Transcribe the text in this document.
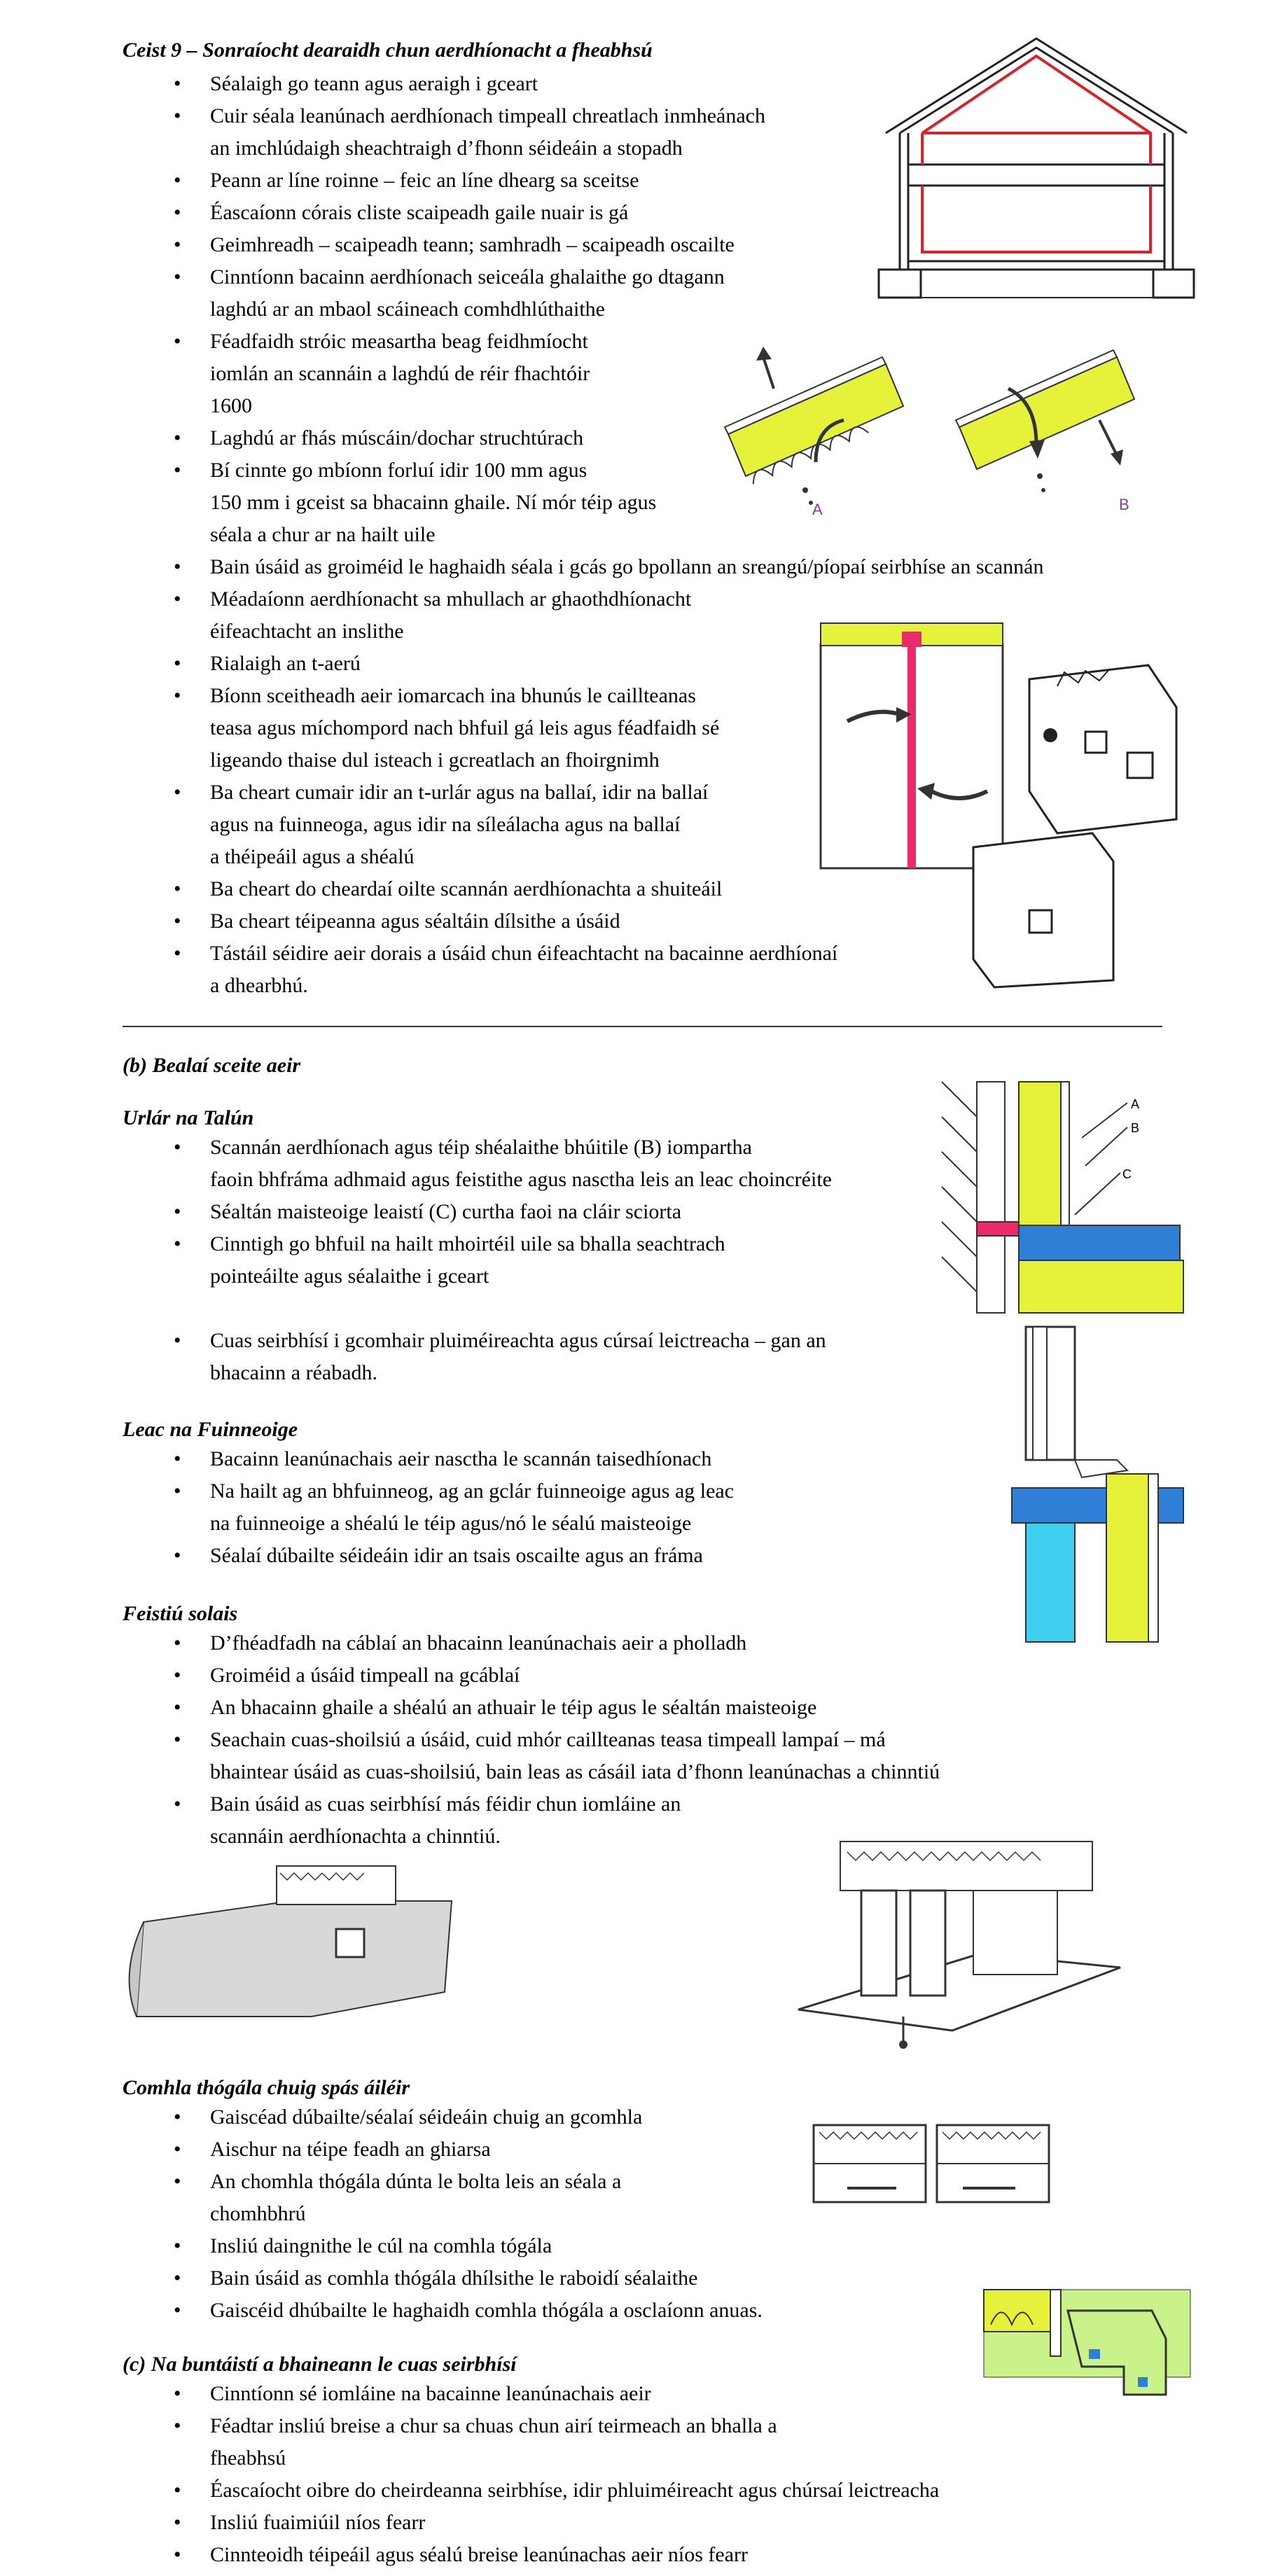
Ceist 9 – Sonraíocht dearaidh chun aerdhíonacht a fheabhsú
• Séalaigh go teann agus aeraigh i gceart
• Cuir séala leanúnach aerdhíonach timpeall chreatlach inmheánach
an imchlúdaigh sheachtraigh d’fhonn séideáin a stopadh
• Peann ar líne roinne – feic an líne dhearg sa sceitse
• Éascaíonn córais cliste scaipeadh gaile nuair is gá
• Geimhreadh – scaipeadh teann; samhradh – scaipeadh oscailte
• Cinntíonn bacainn aerdhíonach seiceála ghalaithe go dtagann
laghdú ar an mbaol scáineach comhdhlúthaithe
• Féadfaidh stróic measartha beag feidhmíocht
iomlán an scannáin a laghdú de réir fhachtóir
1600
• Laghdú ar fhás múscáin/dochar struchtúrach
• Bí cinnte go mbíonn forluí idir 100 mm agus
150 mm i gceist sa bhacainn ghaile. Ní mór téip agus
séala a chur ar na hailt uile
• Bain úsáid as groiméid le haghaidh séala i gcás go bpollann an sreangú/píopaí seirbhíse an scannán
• Méadaíonn aerdhíonacht sa mhullach ar ghaothdhíonacht
éifeachtacht an inslithe
• Rialaigh an t-aerú
• Bíonn sceitheadh aeir iomarcach ina bhunús le caillteanas
teasa agus míchompord nach bhfuil gá leis agus féadfaidh sé
ligeando thaise dul isteach i gcreatlach an fhoirgnimh
• Ba cheart cumair idir an t-urlár agus na ballaí, idir na ballaí
agus na fuinneoga, agus idir na síleálacha agus na ballaí
a théipeáil agus a shéalú
• Ba cheart do cheardaí oilte scannán aerdhíonachta a shuiteáil
• Ba cheart téipeanna agus séaltáin dílsithe a úsáid
• Tástáil séidire aeir dorais a úsáid chun éifeachtacht na bacainne aerdhíonaí
a dhearbhú.
A	B
(b) Bealaí sceite aeir
Urlár na Talún
• Scannán aerdhíonach agus téip shéalaithe bhúitile (B) iompartha
faoin bhfráma adhmaid agus feistithe agus nasctha leis an leac choincréite
• Séaltán maisteoige leaistí (C) curtha faoi na cláir sciorta
• Cinntigh go bhfuil na hailt mhoirtéil uile sa bhalla seachtrach
pointeáilte agus séalaithe i gceart
• Cuas seirbhísí i gcomhair pluiméireachta agus cúrsaí leictreacha – gan an
bhacainn a réabadh.
A
B
C
Leac na Fuinneoige
• Bacainn leanúnachais aeir nasctha le scannán taisedhíonach
• Na hailt ag an bhfuinneog, ag an gclár fuinneoige agus ag leac
na fuinneoige a shéalú le téip agus/nó le séalú maisteoige
• Séalaí dúbailte séideáin idir an tsais oscailte agus an fráma
Feistiú solais
• D’fhéadfadh na cáblaí an bhacainn leanúnachais aeir a pholladh
• Groiméid a úsáid timpeall na gcáblaí
• An bhacainn ghaile a shéalú an athuair le téip agus le séaltán maisteoige
• Seachain cuas-shoilsiú a úsáid, cuid mhór caillteanas teasa timpeall lampaí – má
bhaintear úsáid as cuas-shoilsiú, bain leas as cásáil iata d’fhonn leanúnachas a chinntiú
• Bain úsáid as cuas seirbhísí más féidir chun iomláine an
scannáin aerdhíonachta a chinntiú.
Comhla thógála chuig spás áiléir
• Gaiscéad dúbailte/séalaí séideáin chuig an gcomhla
• Aischur na téipe feadh an ghiarsa
• An chomhla thógála dúnta le bolta leis an séala a
chomhbhrú
• Insliú daingnithe le cúl na comhla tógála
• Bain úsáid as comhla thógála dhílsithe le raboidí séalaithe
• Gaiscéid dhúbailte le haghaidh comhla thógála a osclaíonn anuas.
(c) Na buntáistí a bhaineann le cuas seirbhísí
• Cinntíonn sé iomláine na bacainne leanúnachais aeir
• Féadtar insliú breise a chur sa chuas chun airí teirmeach an bhalla a
fheabhsú
• Éascaíocht oibre do cheirdeanna seirbhíse, idir phluiméireacht agus chúrsaí leictreacha
• Insliú fuaimiúil níos fearr
• Cinnteoidh téipeáil agus séalú breise leanúnachas aeir níos fearr
